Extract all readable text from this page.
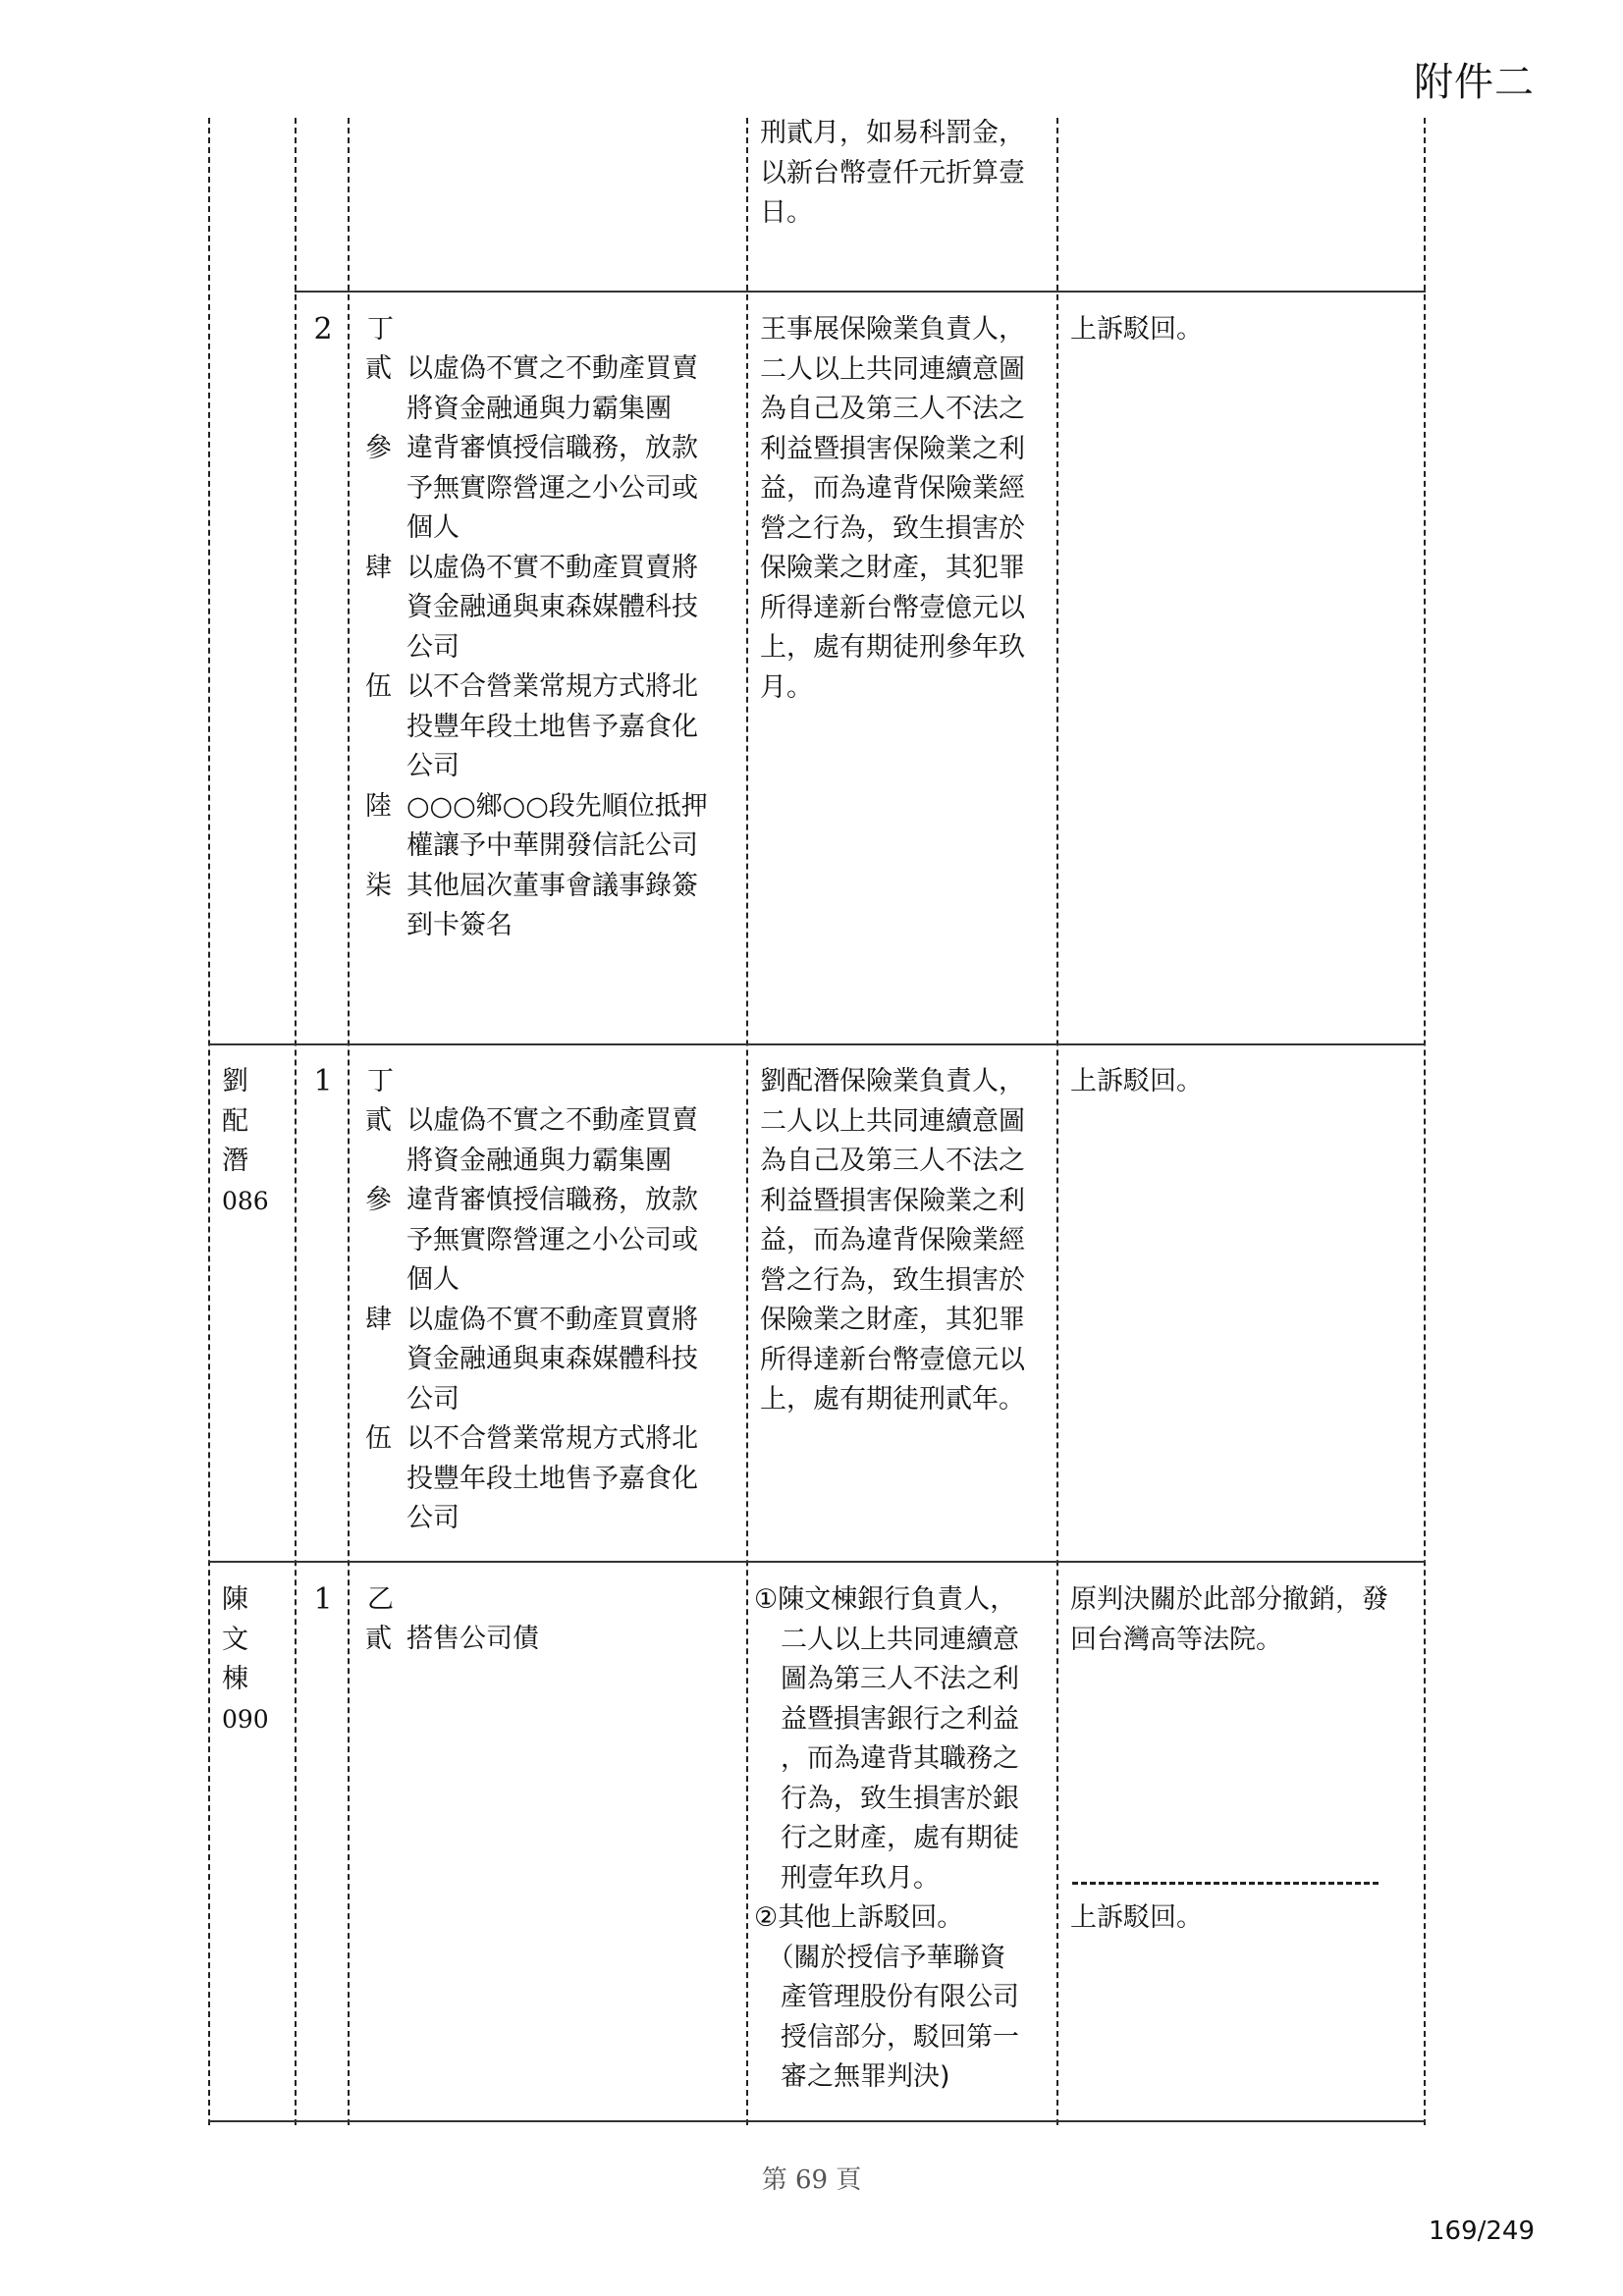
附件二
刑貳月，如易科罰金，
以新台幣壹仟元折算壹
日。
2 丁
貳 以虛偽不實之不動產買賣將資金融通與力霸集團
參 違背審慎授信職務，放款予無實際營運之小公司或個人
肆 以虛偽不實不動產買賣將資金融通與東森媒體科技公司
伍 以不合營業常規方式將北投豐年段土地售予嘉食化公司
陸 ○○○鄉○○段先順位抵押權讓予中華開發信託公司
柒 其他屆次董事會議事錄簽到卡簽名
王事展保險業負責人，
二人以上共同連續意圖
為自己及第三人不法之
利益暨損害保險業之利
益，而為違背保險業經
營之行為，致生損害於
保險業之財產，其犯罪
所得達新台幣壹億元以
上，處有期徒刑參年玖
月。
上訴駁回。
劉
配
潛
086
1 丁
貳 以虛偽不實之不動產買賣將資金融通與力霸集團
參 違背審慎授信職務，放款予無實際營運之小公司或個人
肆 以虛偽不實不動產買賣將資金融通與東森媒體科技公司
伍 以不合營業常規方式將北投豐年段土地售予嘉食化公司
劉配潛保險業負責人，
二人以上共同連續意圖
為自己及第三人不法之
利益暨損害保險業之利
益，而為違背保險業經
營之行為，致生損害於
保險業之財產，其犯罪
所得達新台幣壹億元以
上，處有期徒刑貳年。
上訴駁回。
陳
文
棟
090
1 乙
貳 搭售公司債
①陳文棟銀行負責人，
　二人以上共同連續意
　圖為第三人不法之利
　益暨損害銀行之利益
　，而為違背其職務之
　行為，致生損害於銀
　行之財產，處有期徒
　刑壹年玖月。
②其他上訴駁回。
　（關於授信予華聯資
　產管理股份有限公司
　授信部分，駁回第一
　審之無罪判決)
原判決關於此部分撤銷，發
回台灣高等法院。
上訴駁回。
第 69 頁
169/249
